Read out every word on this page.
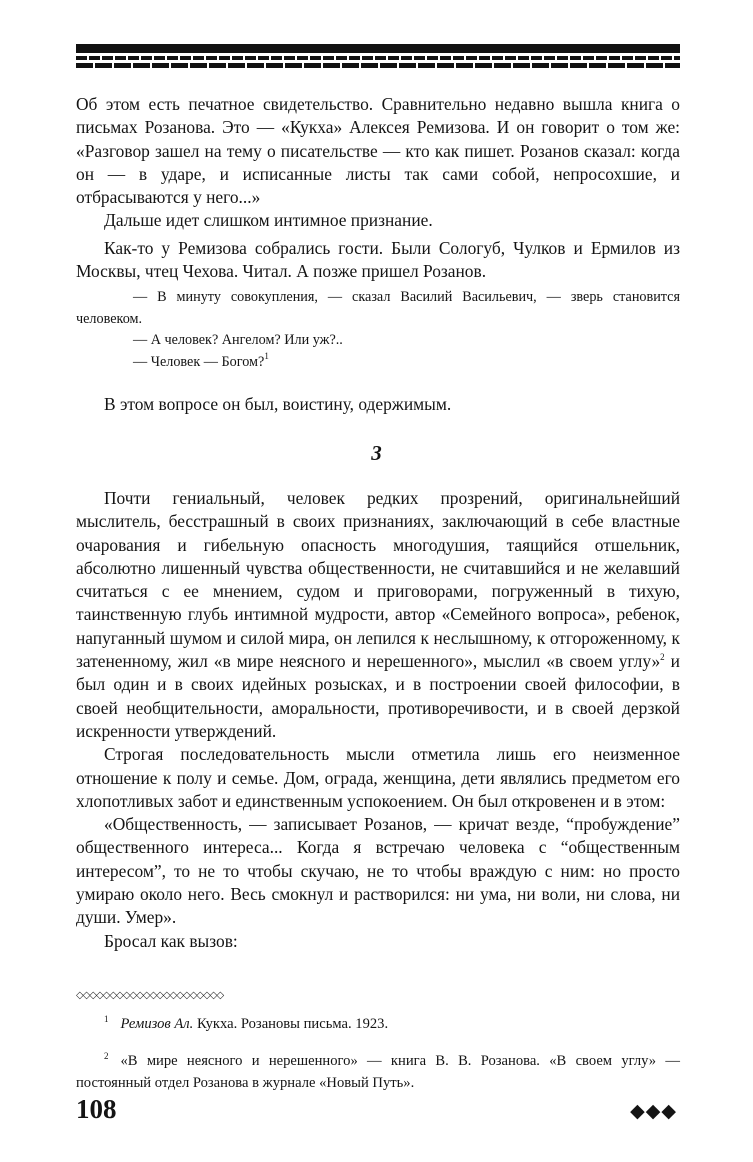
Об этом есть печатное свидетельство. Сравнительно недавно вышла книга о письмах Розанова. Это — «Кукха» Алексея Ремизова. И он говорит о том же: «Разговор зашел на тему о писательстве — кто как пишет. Розанов сказал: когда он — в ударе, и исписанные листы так сами собой, непросохшие, и отбрасываются у него...»

Дальше идет слишком интимное признание.

Как-то у Ремизова собрались гости. Были Сологуб, Чулков и Ермилов из Москвы, чтец Чехова. Читал. А позже пришел Розанов.

— В минуту совокупления, — сказал Василий Васильевич, — зверь становится человеком.

— А человек? Ангелом? Или уж?..

— Человек — Богом?$^1$

В этом вопросе он был, воистину, одержимым.

3

Почти гениальный, человек редких прозрений, оригинальнейший мыслитель, бесстрашный в своих признаниях, заключающий в себе властные очарования и гибельную опасность многодушия, таящийся отшельник, абсолютно лишенный чувства общественности, не считавшийся и не желавший считаться с ее мнением, судом и приговорами, погруженный в тихую, таинственную глубь интимной мудрости, автор «Семейного вопроса», ребенок, напуганный шумом и силой мира, он лепился к неслышному, к отгороженному, к затененному, жил «в мире неясного и нерешенного», мыслил «в своем углу»$^2$ и был один и в своих идейных розысках, и в построении своей философии, в своей необщительности, аморальности, противоречивости, и в своей дерзкой искренности утверждений.

Строгая последовательность мысли отметила лишь его неизменное отношение к полу и семье. Дом, ограда, женщина, дети являлись предметом его хлопотливых забот и единственным успокоением. Он был откровенен и в этом:

«Общественность, — записывает Розанов, — кричат везде, “пробуждение” общественного интереса... Когда я встречаю человека с “общественным интересом”, то не то чтобы скучаю, не то чтобы враждую с ним: но просто умираю около него. Весь смокнул и растворился: ни ума, ни воли, ни слова, ни души. Умер».

Бросал как вызов:

◇◇◇◇◇◇◇◇◇◇◇◇◇◇◇◇◇◇◇◇◇◇

$^1$ Ремизов Ал. Кукха. Розановы письма. 1923.

$^2$ «В мире неясного и нерешенного» — книга В. В. Розанова. «В своем углу» — постоянный отдел Розанова в журнале «Новый Путь».

108	◆◆◆
